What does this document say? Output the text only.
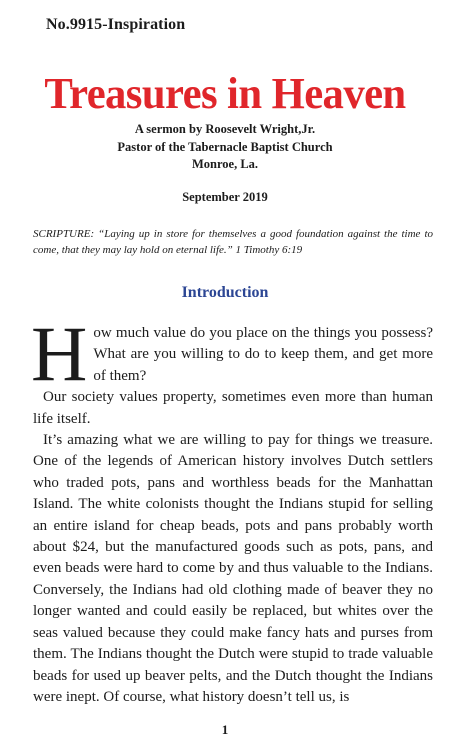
No.9915-Inspiration
Treasures in Heaven
A sermon by Roosevelt Wright,Jr.
Pastor of the Tabernacle Baptist Church
Monroe, La.
September 2019
SCRIPTURE: “Laying up in store for themselves a good foundation against the time to come, that they may lay hold on eternal life.” 1 Timothy 6:19
Introduction

How much value do you place on the things you possess? What are you willing to do to keep them, and get more of them?

Our society values property, sometimes even more than human life itself.

It’s amazing what we are willing to pay for things we treasure. One of the legends of American history involves Dutch settlers who traded pots, pans and worthless beads for the Manhattan Island. The white colonists thought the Indians stupid for selling an entire island for cheap beads, pots and pans probably worth about $24, but the manufactured goods such as pots, pans, and even beads were hard to come by and thus valuable to the Indians. Conversely, the Indians had old clothing made of beaver they no longer wanted and could easily be replaced, but whites over the seas valued because they could make fancy hats and purses from them. The Indians thought the Dutch were stupid to trade valuable beads for used up beaver pelts, and the Dutch thought the Indians were inept. Of course, what history doesn’t tell us, is

1
